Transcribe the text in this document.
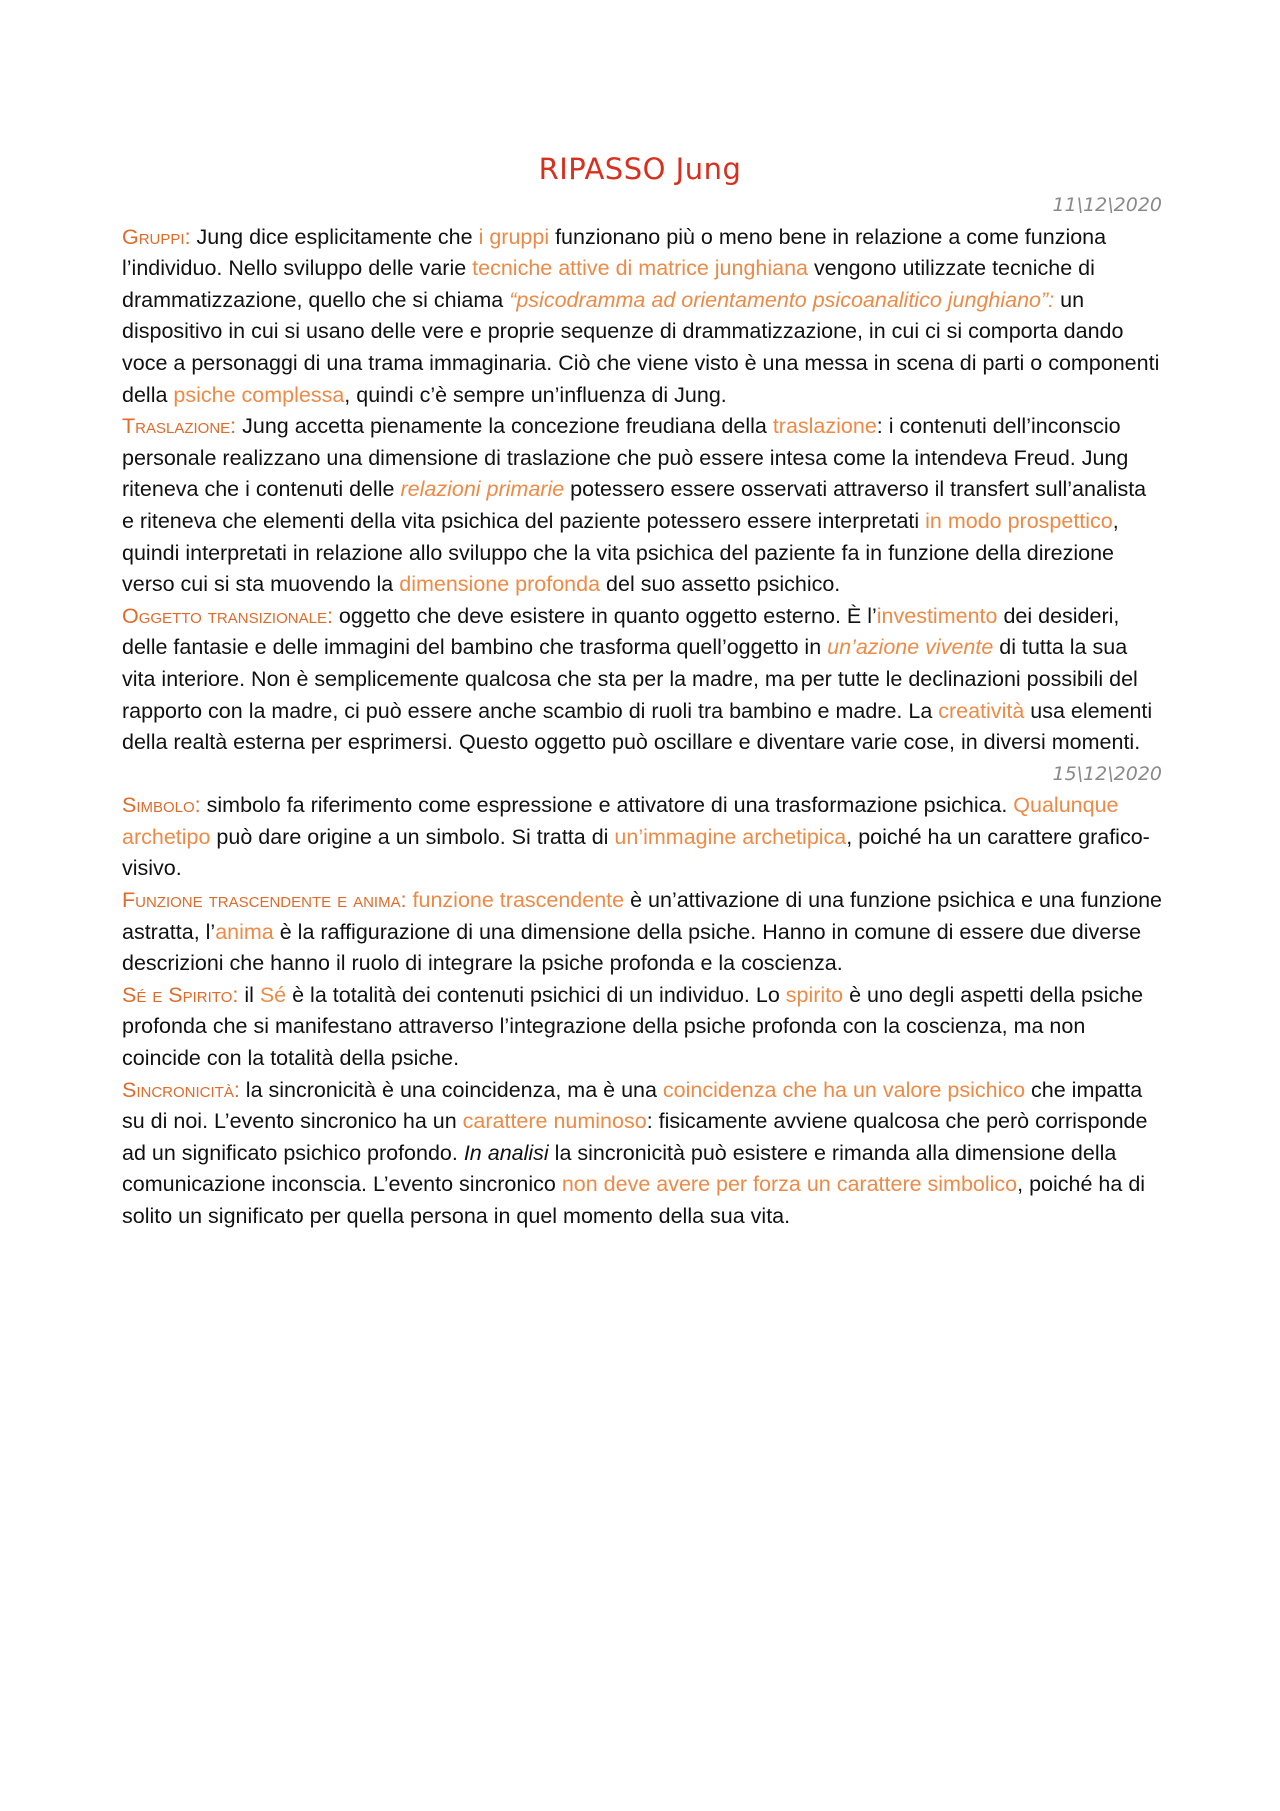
RIPASSO Jung
11\12\2020

Gruppi: Jung dice esplicitamente che i gruppi funzionano più o meno bene in relazione a come funziona l’individuo. Nello sviluppo delle varie tecniche attive di matrice junghiana vengono utilizzate tecniche di drammatizzazione, quello che si chiama “psicodramma ad orientamento psicoanalitico junghiano”: un dispositivo in cui si usano delle vere e proprie sequenze di drammatizzazione, in cui ci si comporta dando voce a personaggi di una trama immaginaria. Ciò che viene visto è una messa in scena di parti o componenti della psiche complessa, quindi c’è sempre un’influenza di Jung.

Traslazione: Jung accetta pienamente la concezione freudiana della traslazione: i contenuti dell’inconscio personale realizzano una dimensione di traslazione che può essere intesa come la intendeva Freud. Jung riteneva che i contenuti delle relazioni primarie potessero essere osservati attraverso il transfert sull’analista e riteneva che elementi della vita psichica del paziente potessero essere interpretati in modo prospettico, quindi interpretati in relazione allo sviluppo che la vita psichica del paziente fa in funzione della direzione verso cui si sta muovendo la dimensione profonda del suo assetto psichico.

Oggetto transizionale: oggetto che deve esistere in quanto oggetto esterno. È l’investimento dei desideri, delle fantasie e delle immagini del bambino che trasforma quell’oggetto in un’azione vivente di tutta la sua vita interiore. Non è semplicemente qualcosa che sta per la madre, ma per tutte le declinazioni possibili del rapporto con la madre, ci può essere anche scambio di ruoli tra bambino e madre. La creatività usa elementi della realtà esterna per esprimersi. Questo oggetto può oscillare e diventare varie cose, in diversi momenti.

15\12\2020

Simbolo: simbolo fa riferimento come espressione e attivatore di una trasformazione psichica. Qualunque archetipo può dare origine a un simbolo. Si tratta di un’immagine archetipica, poiché ha un carattere grafico-visivo.

Funzione trascendente e anima: funzione trascendente è un’attivazione di una funzione psichica e una funzione astratta, l’anima è la raffigurazione di una dimensione della psiche. Hanno in comune di essere due diverse descrizioni che hanno il ruolo di integrare la psiche profonda e la coscienza.

Sé e Spirito: il Sé è la totalità dei contenuti psichici di un individuo. Lo spirito è uno degli aspetti della psiche profonda che si manifestano attraverso l’integrazione della psiche profonda con la coscienza, ma non coincide con la totalità della psiche.

Sincronicità: la sincronicità è una coincidenza, ma è una coincidenza che ha un valore psichico che impatta su di noi. L’evento sincronico ha un carattere numinoso: fisicamente avviene qualcosa che però corrisponde ad un significato psichico profondo. In analisi la sincronicità può esistere e rimanda alla dimensione della comunicazione inconscia. L’evento sincronico non deve avere per forza un carattere simbolico, poiché ha di solito un significato per quella persona in quel momento della sua vita.
